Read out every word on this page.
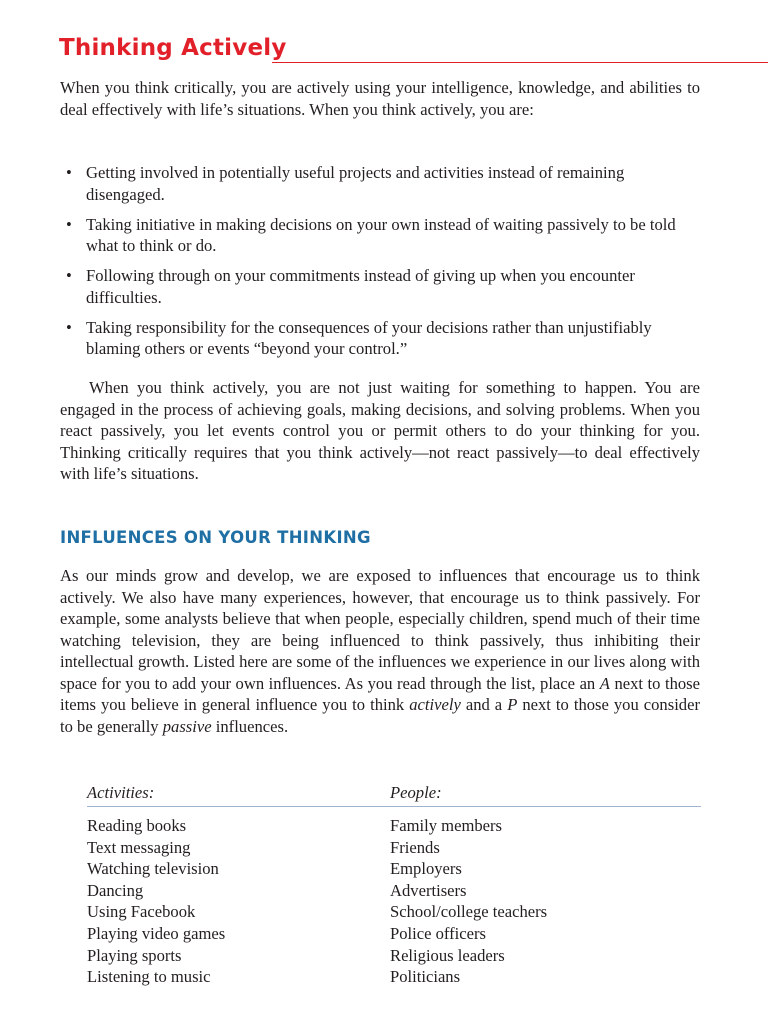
Thinking Actively

When you think critically, you are actively using your intelligence, knowledge, and abilities to deal effectively with life’s situations. When you think actively, you are:

• Getting involved in potentially useful projects and activities instead of remaining disengaged.
• Taking initiative in making decisions on your own instead of waiting passively to be told what to think or do.
• Following through on your commitments instead of giving up when you encounter difficulties.
• Taking responsibility for the consequences of your decisions rather than unjustifiably blaming others or events “beyond your control.”

When you think actively, you are not just waiting for something to happen. You are engaged in the process of achieving goals, making decisions, and solving problems. When you react passively, you let events control you or permit others to do your thinking for you. Thinking critically requires that you think actively—not react passively—to deal effectively with life’s situations.

INFLUENCES ON YOUR THINKING

As our minds grow and develop, we are exposed to influences that encourage us to think actively. We also have many experiences, however, that encourage us to think passively. For example, some analysts believe that when people, especially children, spend much of their time watching television, they are being influenced to think passively, thus inhibiting their intellectual growth. Listed here are some of the influences we experience in our lives along with space for you to add your own influences. As you read through the list, place an A next to those items you believe in general influence you to think actively and a P next to those you consider to be generally passive influences.

Activities:	People:
Reading books
Text messaging
Watching television
Dancing
Using Facebook
Playing video games
Playing sports
Listening to music
Family members
Friends
Employers
Advertisers
School/college teachers
Police officers
Religious leaders
Politicians
